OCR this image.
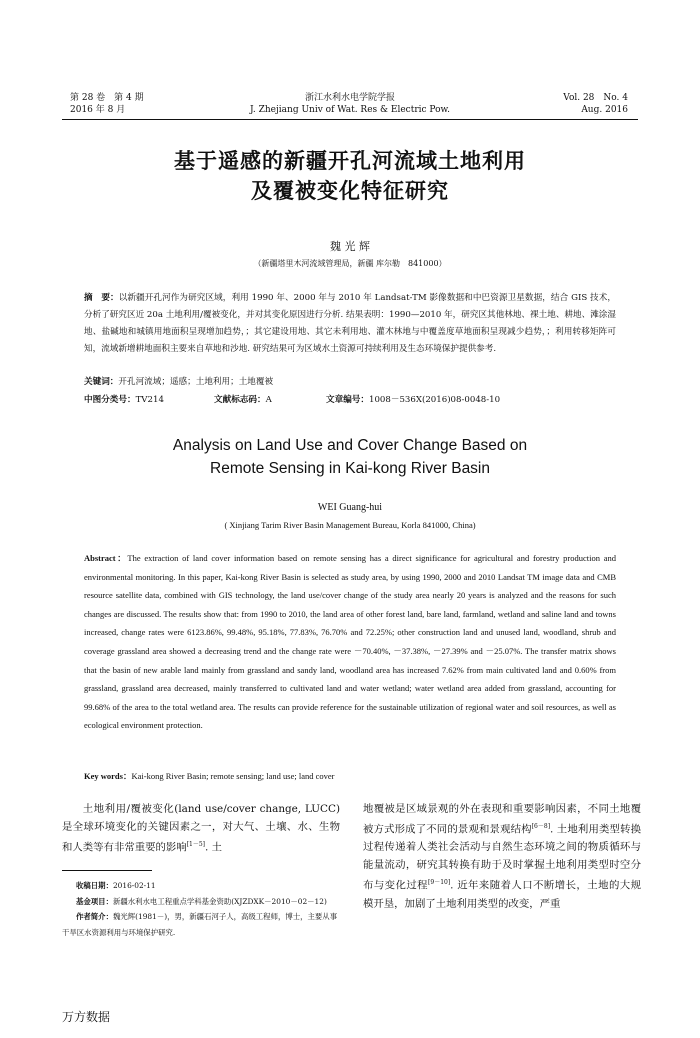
第 28 卷　第 4 期
2016 年 8 月
浙江水利水电学院学报
J. Zhejiang Univ of Wat. Res & Electric Pow.
Vol. 28　No. 4
Aug. 2016
基于遥感的新疆开孔河流域土地利用
及覆被变化特征研究
魏 光 辉
（新疆塔里木河流域管理局，新疆 库尔勒　841000）
摘　要：以新疆开孔河作为研究区域，利用 1990 年、2000 年与 2010 年 Landsat-TM 影像数据和中巴资源卫星数据，结合 GIS 技术，分析了研究区近 20a 土地利用/覆被变化，并对其变化原因进行分析. 结果表明：1990—2010 年，研究区其他林地、裸土地、耕地、滩涂湿地、盐碱地和城镇用地面积呈现增加趋势，；其它建设用地、其它未利用地、灌木林地与中覆盖度草地面积呈现减少趋势，；利用转移矩阵可知，流域新增耕地面积主要来自草地和沙地. 研究结果可为区域水土资源可持续利用及生态环境保护提供参考.
关键词：开孔河流域；遥感；土地利用；土地覆被
中图分类号：TV214	文献标志码：A	文章编号：1008－536X(2016)08-0048-10
Analysis on Land Use and Cover Change Based on
Remote Sensing in Kai-kong River Basin
WEI Guang-hui
( Xinjiang Tarim River Basin Management Bureau, Korla 841000, China)
Abstract：The extraction of land cover information based on remote sensing has a direct significance for agricultural and forestry production and environmental monitoring. In this paper, Kai-kong River Basin is selected as study area, by using 1990, 2000 and 2010 Landsat TM image data and CMB resource satellite data, combined with GIS technology, the land use/cover change of the study area nearly 20 years is analyzed and the reasons for such changes are discussed. The results show that: from 1990 to 2010, the land area of other forest land, bare land, farmland, wetland and saline land and towns increased, change rates were 6123.86%, 99.48%, 95.18%, 77.83%, 76.70% and 72.25%; other construction land and unused land, woodland, shrub and coverage grassland area showed a decreasing trend and the change rate were －70.40%, －37.38%, －27.39% and －25.07%. The transfer matrix shows that the basin of new arable land mainly from grassland and sandy land, woodland area has increased 7.62% from main cultivated land and 0.60% from grassland, grassland area decreased, mainly transferred to cultivated land and water wetland; water wetland area added from grassland, accounting for 99.68% of the area to the total wetland area. The results can provide reference for the sustainable utilization of regional water and soil resources, as well as ecological environment protection.
Key words：Kai-kong River Basin; remote sensing; land use; land cover

土地利用/覆被变化(land use/cover change, LUCC)是全球环境变化的关键因素之一，对大气、土壤、水、生物和人类等有非常重要的影响[1－5]. 土

地覆被是区域景观的外在表现和重要影响因素，不同土地覆被方式形成了不同的景观和景观结构[6－8]. 土地利用类型转换过程传递着人类社会活动与自然生态环境之间的物质循环与能量流动，研究其转换有助于及时掌握土地利用类型时空分布与变化过程[9－10]. 近年来随着人口不断增长，土地的大规模开垦，加剧了土地利用类型的改变，严重

收稿日期：2016-02-11
基金项目：新疆水利水电工程重点学科基金资助(XJZDXK－2010－02－12)
作者简介：魏光辉(1981－)，男，新疆石河子人，高级工程师，博士，主要从事干旱区水资源利用与环境保护研究.
万方数据
